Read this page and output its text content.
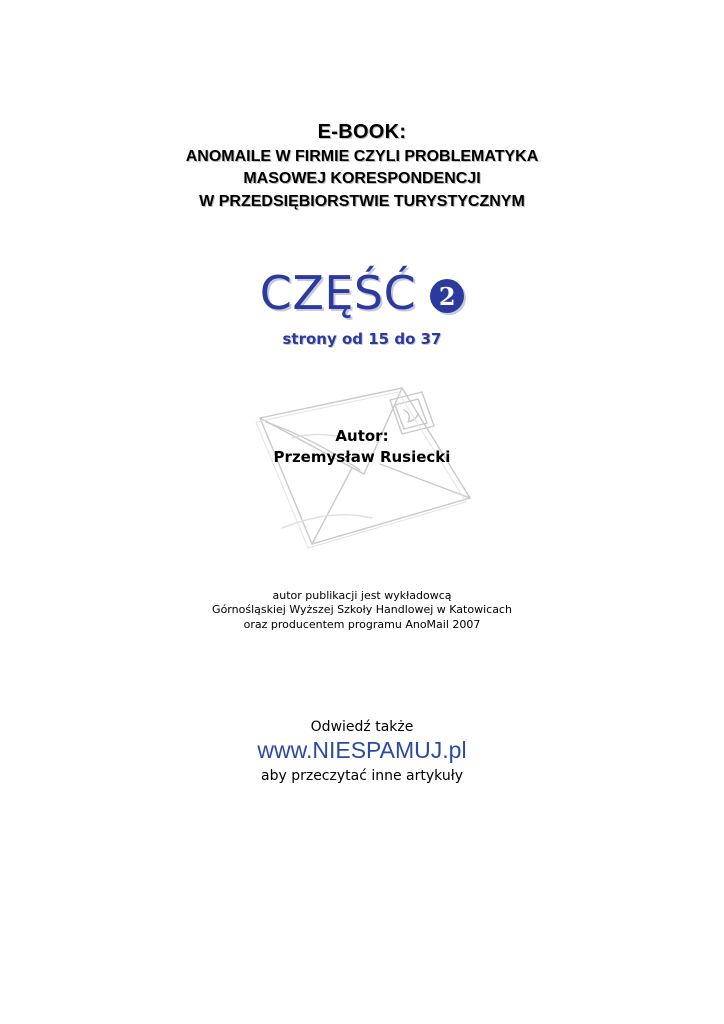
E-BOOK:
ANOMAILE W FIRMIE CZYLI PROBLEMATYKA
MASOWEJ KORESPONDENCJI
W PRZEDSIĘBIORSTWIE TURYSTYCZNYM
CZĘŚĆ 2
strony od 15 do 37
Autor:
Przemysław Rusiecki
autor publikacji jest wykładowcą
Górnośląskiej Wyższej Szkoły Handlowej w Katowicach
oraz producentem programu AnoMail 2007
Odwiedź także
www.NIESPAMUJ.pl
aby przeczytać inne artykuły
